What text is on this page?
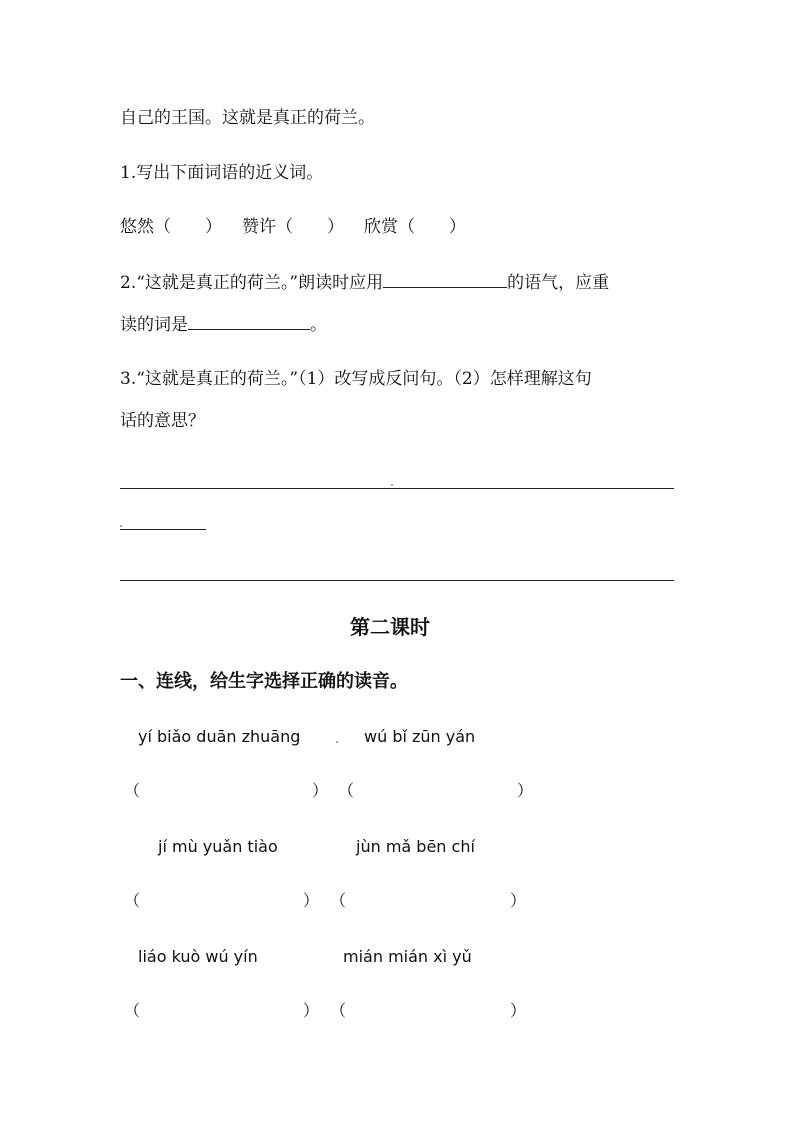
自己的王国。这就是真正的荷兰。
1.写出下面词语的近义词。
悠然（　　） 赞许（　　） 欣赏（　　）
2.“这就是真正的荷兰。”朗读时应用	的语气，应重
读的词是	。
3.“这就是真正的荷兰。”（1）改写成反问句。（2）怎样理解这句
话的意思？
第二课时
一、连线，给生字选择正确的读音。
yí biǎo duān zhuāng	wú bǐ zūn yán
（	） （	）
jí mù yuǎn tiào	jùn mǎ bēn chí
（	） （	）
liáo kuò wú yín	mián mián xì yǔ
（	） （	）
